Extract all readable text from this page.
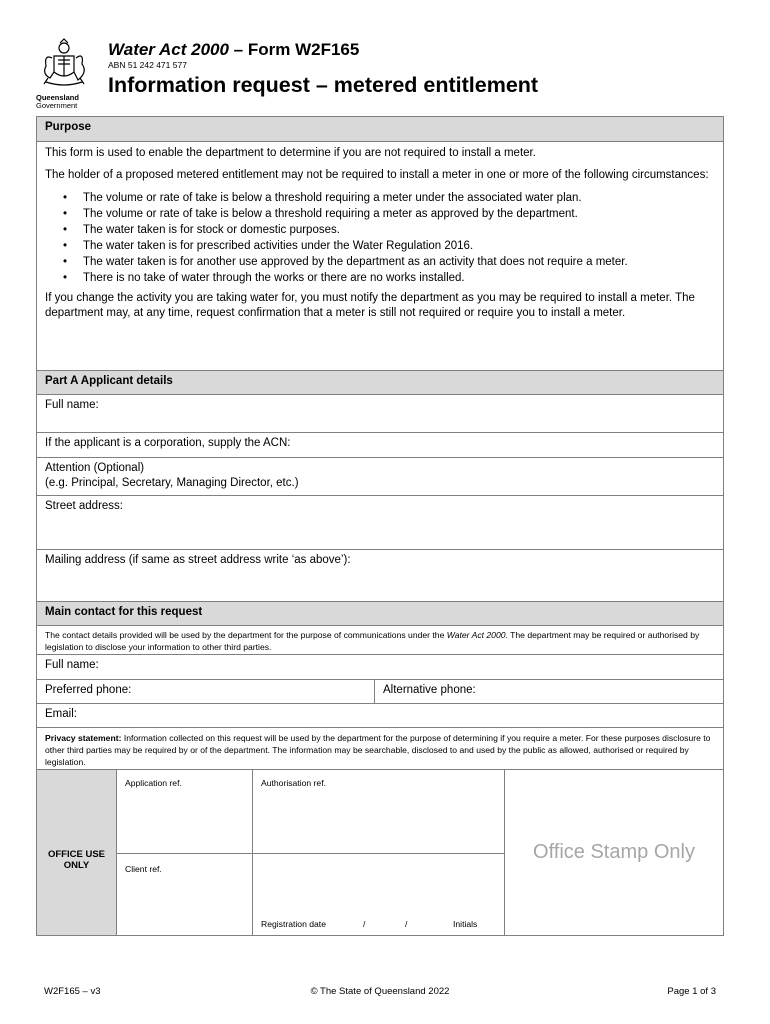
Queensland
Government
Water Act 2000 – Form W2F165
ABN 51 242 471 577
Information request – metered entitlement
Purpose

This form is used to enable the department to determine if you are not required to install a meter.

The holder of a proposed metered entitlement may not be required to install a meter in one or more of the following circumstances:

• The volume or rate of take is below a threshold requiring a meter under the associated water plan.
• The volume or rate of take is below a threshold requiring a meter as approved by the department.
• The water taken is for stock or domestic purposes.
• The water taken is for prescribed activities under the Water Regulation 2016.
• The water taken is for another use approved by the department as an activity that does not require a meter.
• There is no take of water through the works or there are no works installed.

If you change the activity you are taking water for, you must notify the department as you may be required to install a meter. The department may, at any time, request confirmation that a meter is still not required or require you to install a meter.

Part A Applicant details
Full name:
If the applicant is a corporation, supply the ACN:
Attention (Optional)
(e.g. Principal, Secretary, Managing Director, etc.)
Street address:
Mailing address (if same as street address write ‘as above’):
Main contact for this request
The contact details provided will be used by the department for the purpose of communications under the Water Act 2000. The department may be required or authorised by legislation to disclose your information to other third parties.
Full name:
Preferred phone:	Alternative phone:
Email:
Privacy statement: Information collected on this request will be used by the department for the purpose of determining if you require a meter. For these purposes disclosure to other third parties may be required by or of the department. The information may be searchable, disclosed to and used by the public as allowed, authorised or required by legislation.
OFFICE USE
ONLY
Application ref.
Client ref.
Authorisation ref.
Registration date	/	/	Initials
Office Stamp Only
W2F165 – v3	© The State of Queensland 2022	Page 1 of 3
